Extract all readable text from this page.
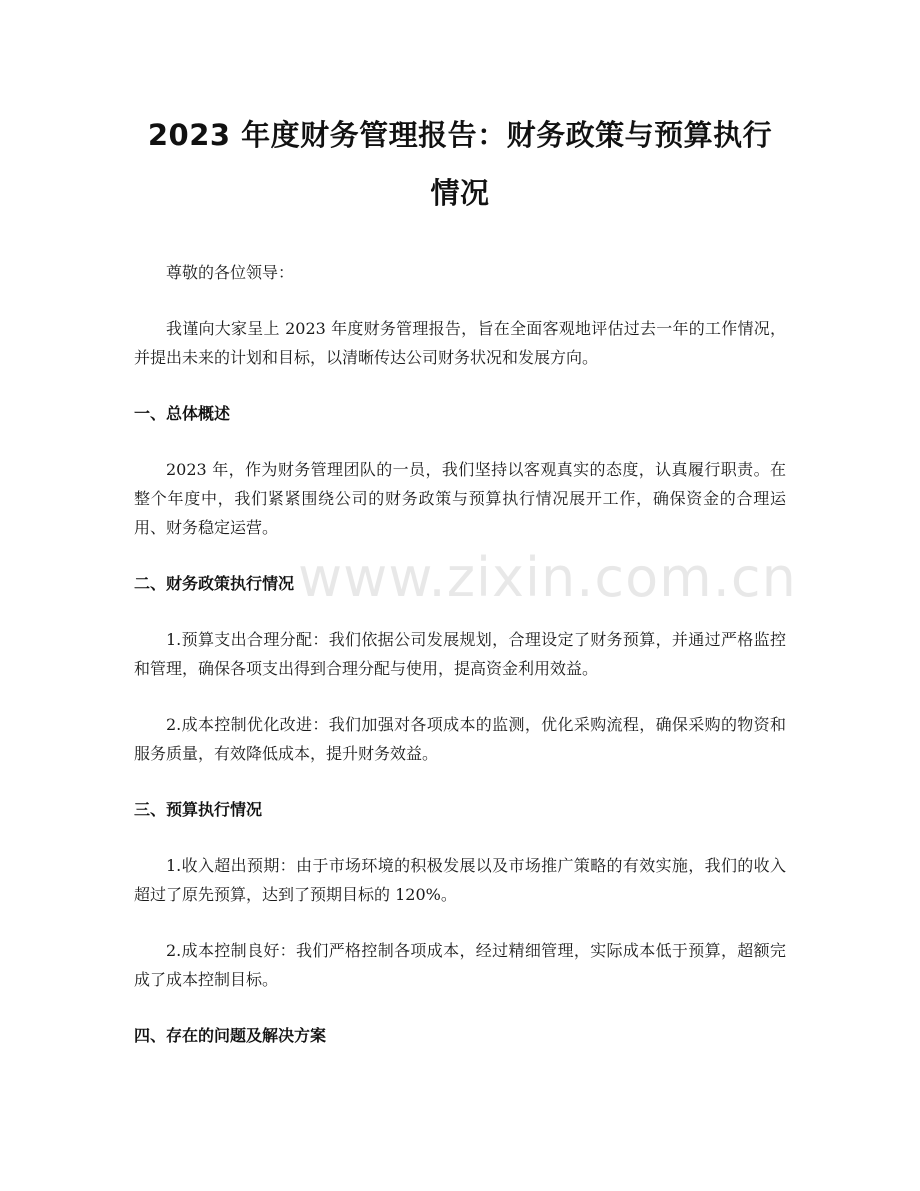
2023 年度财务管理报告：财务政策与预算执行情况

尊敬的各位领导：

我谨向大家呈上 2023 年度财务管理报告，旨在全面客观地评估过去一年的工作情况，并提出未来的计划和目标，以清晰传达公司财务状况和发展方向。

一、总体概述

2023 年，作为财务管理团队的一员，我们坚持以客观真实的态度，认真履行职责。在整个年度中，我们紧紧围绕公司的财务政策与预算执行情况展开工作，确保资金的合理运用、财务稳定运营。

二、财务政策执行情况

1.预算支出合理分配：我们依据公司发展规划，合理设定了财务预算，并通过严格监控和管理，确保各项支出得到合理分配与使用，提高资金利用效益。

2.成本控制优化改进：我们加强对各项成本的监测，优化采购流程，确保采购的物资和服务质量，有效降低成本，提升财务效益。

三、预算执行情况

1.收入超出预期：由于市场环境的积极发展以及市场推广策略的有效实施，我们的收入超过了原先预算，达到了预期目标的 120%。

2.成本控制良好：我们严格控制各项成本，经过精细管理，实际成本低于预算，超额完成了成本控制目标。

四、存在的问题及解决方案
www.zixin.com.cn
